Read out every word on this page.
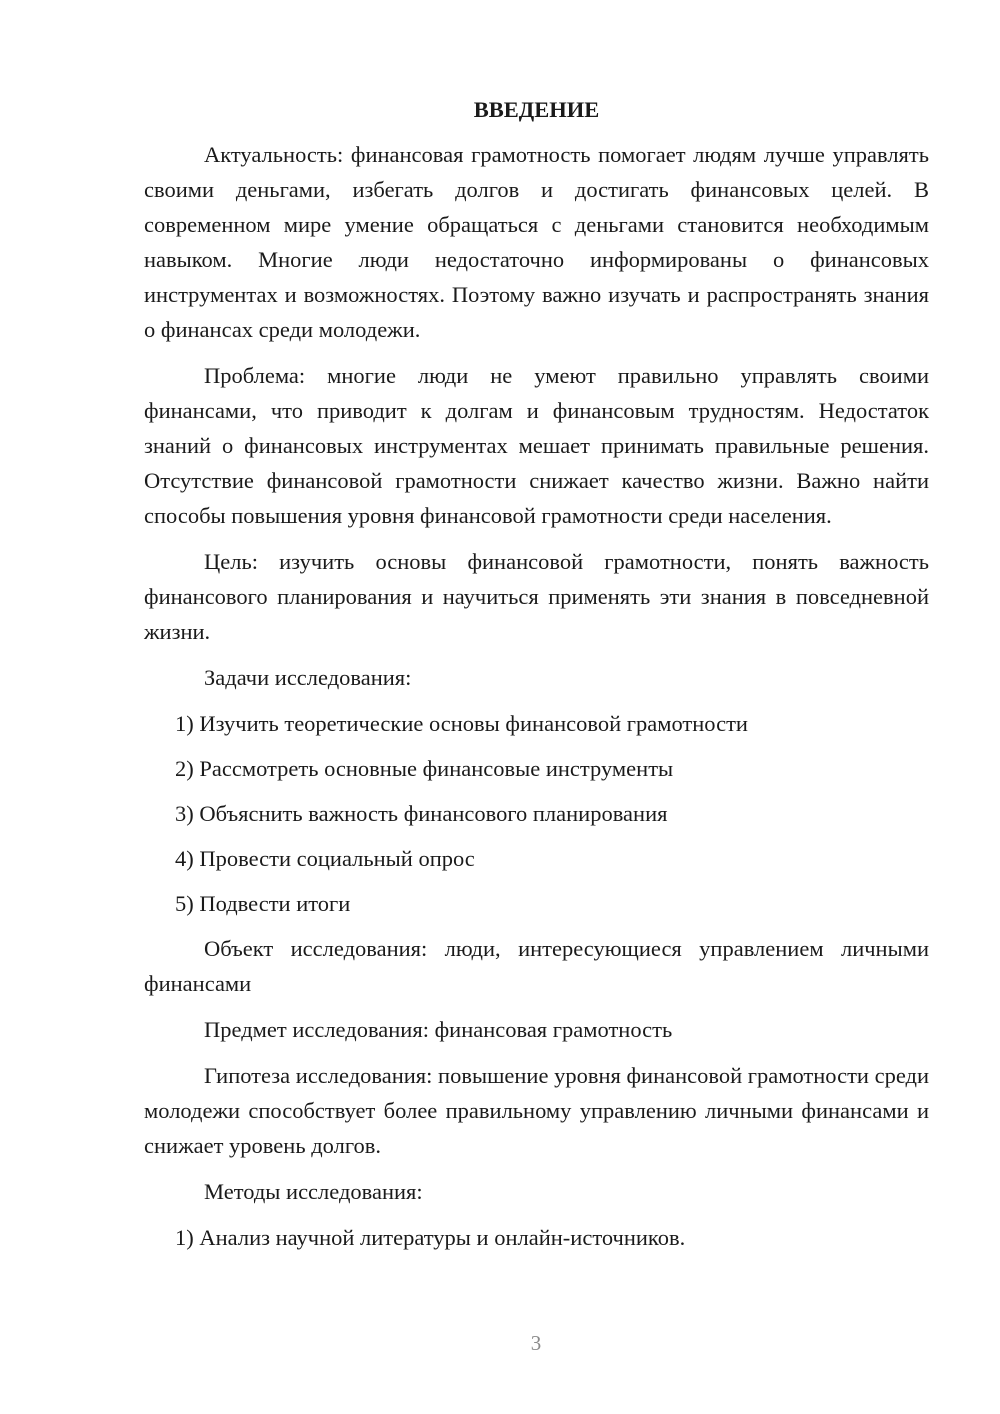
ВВЕДЕНИЕ

Актуальность: финансовая грамотность помогает людям лучше управлять своими деньгами, избегать долгов и достигать финансовых целей. В современном мире умение обращаться с деньгами становится необходимым навыком. Многие люди недостаточно информированы о финансовых инструментах и возможностях. Поэтому важно изучать и распространять знания о финансах среди молодежи.

Проблема: многие люди не умеют правильно управлять своими финансами, что приводит к долгам и финансовым трудностям. Недостаток знаний о финансовых инструментах мешает принимать правильные решения. Отсутствие финансовой грамотности снижает качество жизни. Важно найти способы повышения уровня финансовой грамотности среди населения.

Цель: изучить основы финансовой грамотности, понять важность финансового планирования и научиться применять эти знания в повседневной жизни.

Задачи исследования:

1) Изучить теоретические основы финансовой грамотности
2) Рассмотреть основные финансовые инструменты
3) Объяснить важность финансового планирования
4) Провести социальный опрос
5) Подвести итоги

Объект исследования: люди, интересующиеся управлением личными финансами

Предмет исследования: финансовая грамотность

Гипотеза исследования: повышение уровня финансовой грамотности среди молодежи способствует более правильному управлению личными финансами и снижает уровень долгов.

Методы исследования:

1) Анализ научной литературы и онлайн-источников.
3
